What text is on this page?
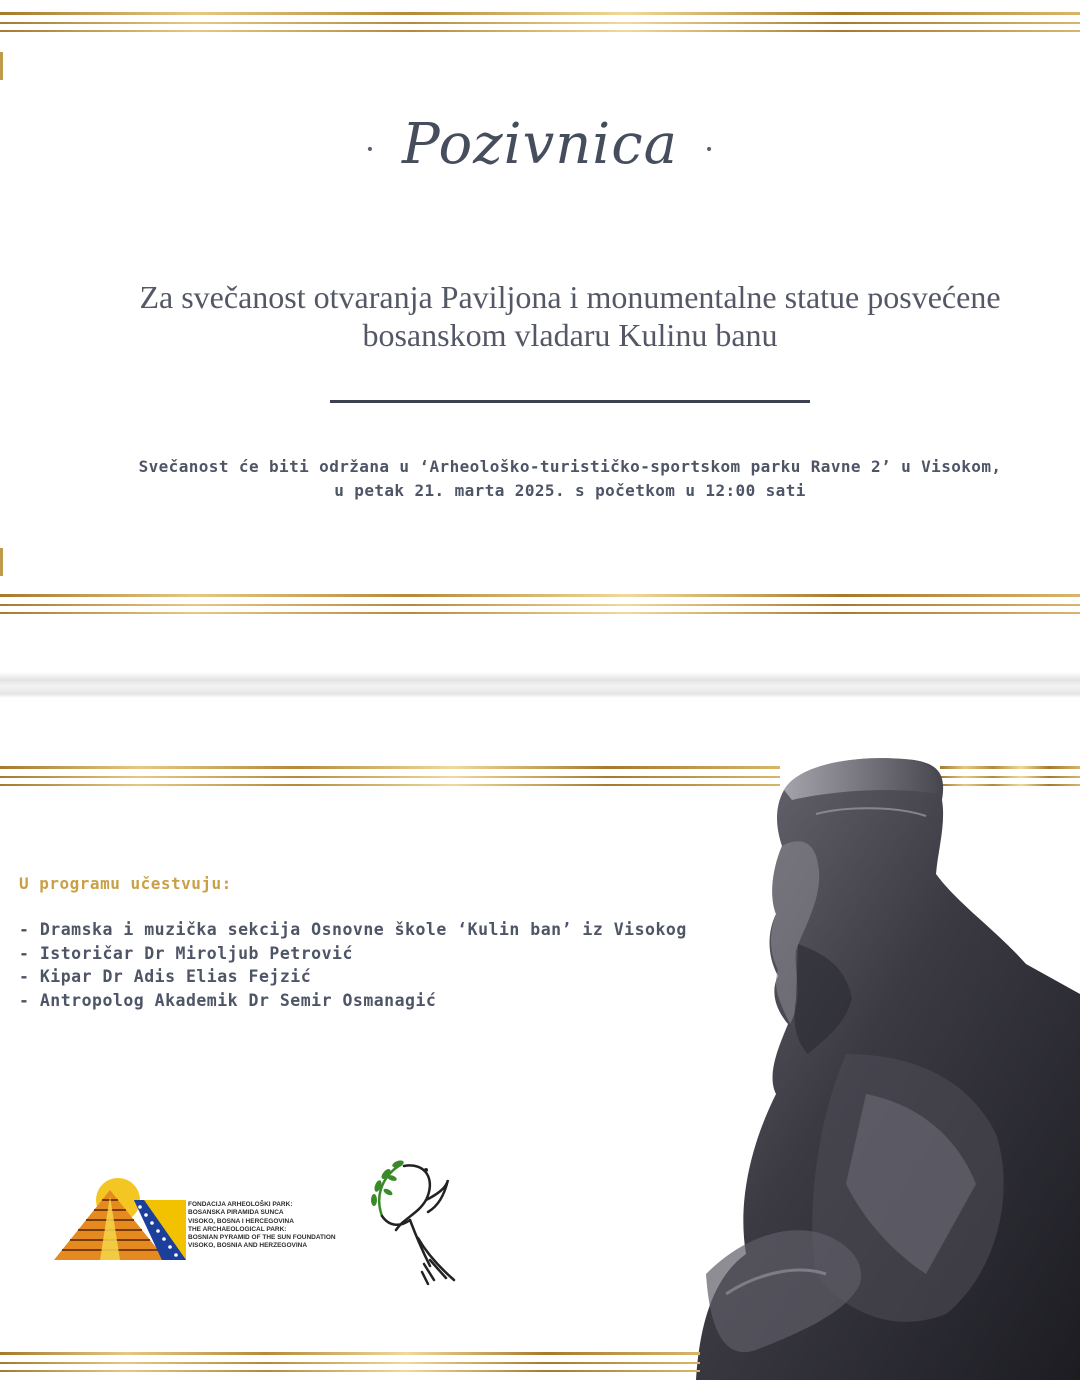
· Pozivnica ·
Za svečanost otvaranja Paviljona i monumentalne statue posvećene
bosanskom vladaru Kulinu banu
Svečanost će biti održana u ‘Arheološko-turističko-sportskom parku Ravne 2’ u Visokom,
u petak 21. marta 2025. s početkom u 12:00 sati
U programu učestvuju:
- Dramska i muzička sekcija Osnovne škole ‘Kulin ban’ iz Visokog
- Istoričar Dr Miroljub Petrović
- Kipar Dr Adis Elias Fejzić
- Antropolog Akademik Dr Semir Osmanagić
FONDACIJA ARHEOLOŠKI PARK:
BOSANSKA PIRAMIDA SUNCA
VISOKO, BOSNA I HERCEGOVINA
THE ARCHAEOLOGICAL PARK:
BOSNIAN PYRAMID OF THE SUN FOUNDATION
VISOKO, BOSNIA AND HERZEGOVINA
